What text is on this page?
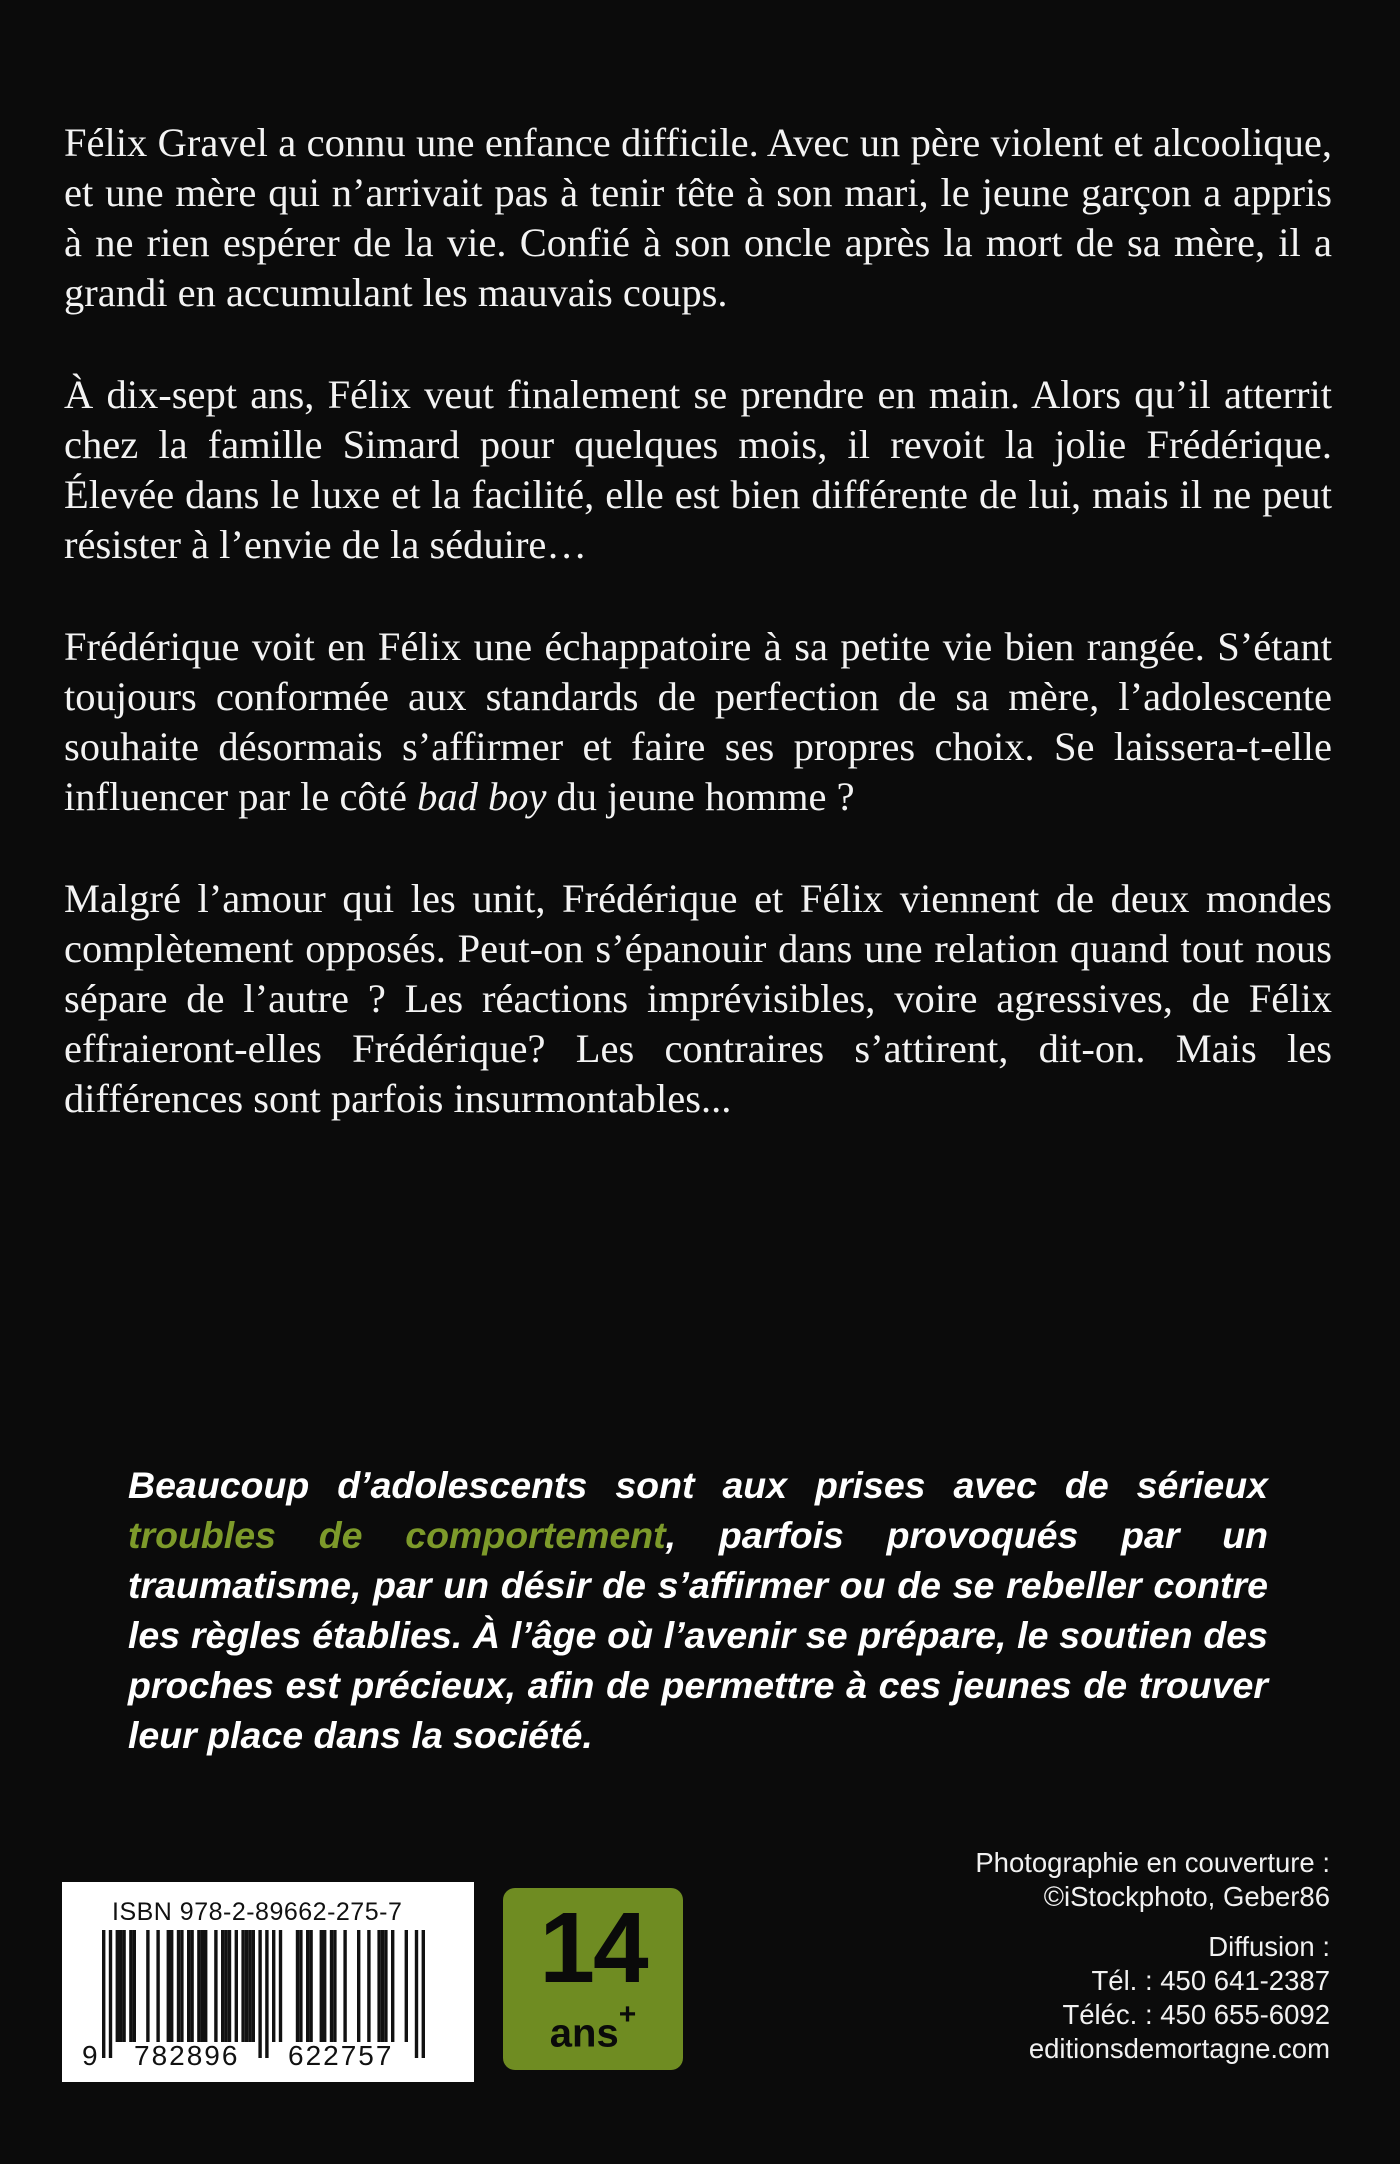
Félix Gravel a connu une enfance difficile. Avec un père violent et alcoolique, et une mère qui n’arrivait pas à tenir tête à son mari, le jeune garçon a appris à ne rien espérer de la vie. Confié à son oncle après la mort de sa mère, il a grandi en accumulant les mauvais coups.

À dix-sept ans, Félix veut finalement se prendre en main. Alors qu’il atterrit chez la famille Simard pour quelques mois, il revoit la jolie Frédérique. Élevée dans le luxe et la facilité, elle est bien différente de lui, mais il ne peut résister à l’envie de la séduire…

Frédérique voit en Félix une échappatoire à sa petite vie bien rangée. S’étant toujours conformée aux standards de perfection de sa mère, l’adolescente souhaite désormais s’affirmer et faire ses propres choix. Se laissera-t-elle influencer par le côté bad boy du jeune homme ?

Malgré l’amour qui les unit, Frédérique et Félix viennent de deux mondes complètement opposés. Peut-on s’épanouir dans une relation quand tout nous sépare de l’autre ? Les réactions imprévisibles, voire agressives, de Félix effraieront-elles Frédérique? Les contraires s’attirent, dit-on. Mais les différences sont parfois insurmontables...

Beaucoup d’adolescents sont aux prises avec de sérieux troubles de comportement, parfois provoqués par un traumatisme, par un désir de s’affirmer ou de se rebeller contre les règles établies. À l’âge où l’avenir se prépare, le soutien des proches est précieux, afin de permettre à ces jeunes de trouver leur place dans la société.
ISBN 978-2-89662-275-7
9 782896 622757
14
ans+
Photographie en couverture :
©iStockphoto, Geber86
Diffusion :
Tél. : 450 641-2387
Téléc. : 450 655-6092
editionsdemortagne.com
